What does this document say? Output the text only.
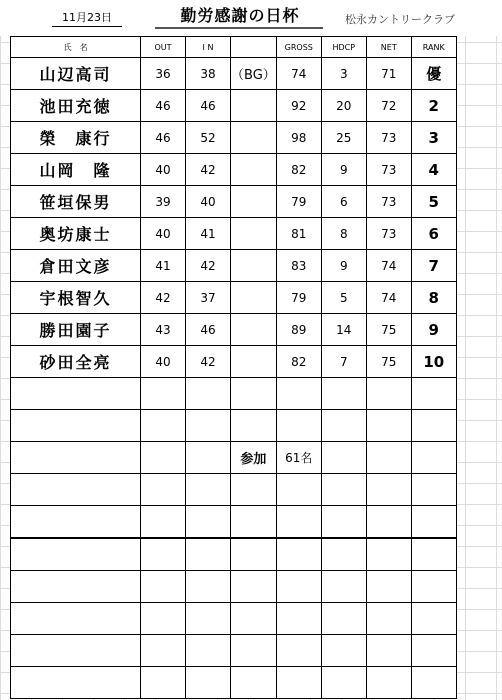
11月23日	勤労感謝の日杯	松永カントリークラブ
氏　名	OUT	I N		GROSS	HDCP	NET	RANK
山辺高司	36	38	（BG）	74	3	71	優
池田充徳	46	46		92	20	72	2
榮　康行	46	52		98	25	73	3
山岡　隆	40	42		82	9	73	4
笹垣保男	39	40		79	6	73	5
奥坊康士	40	41		81	8	73	6
倉田文彦	41	42		83	9	74	7
宇根智久	42	37		79	5	74	8
勝田園子	43	46		89	14	75	9
砂田全亮	40	42		82	7	75	10

			参加	61名			
